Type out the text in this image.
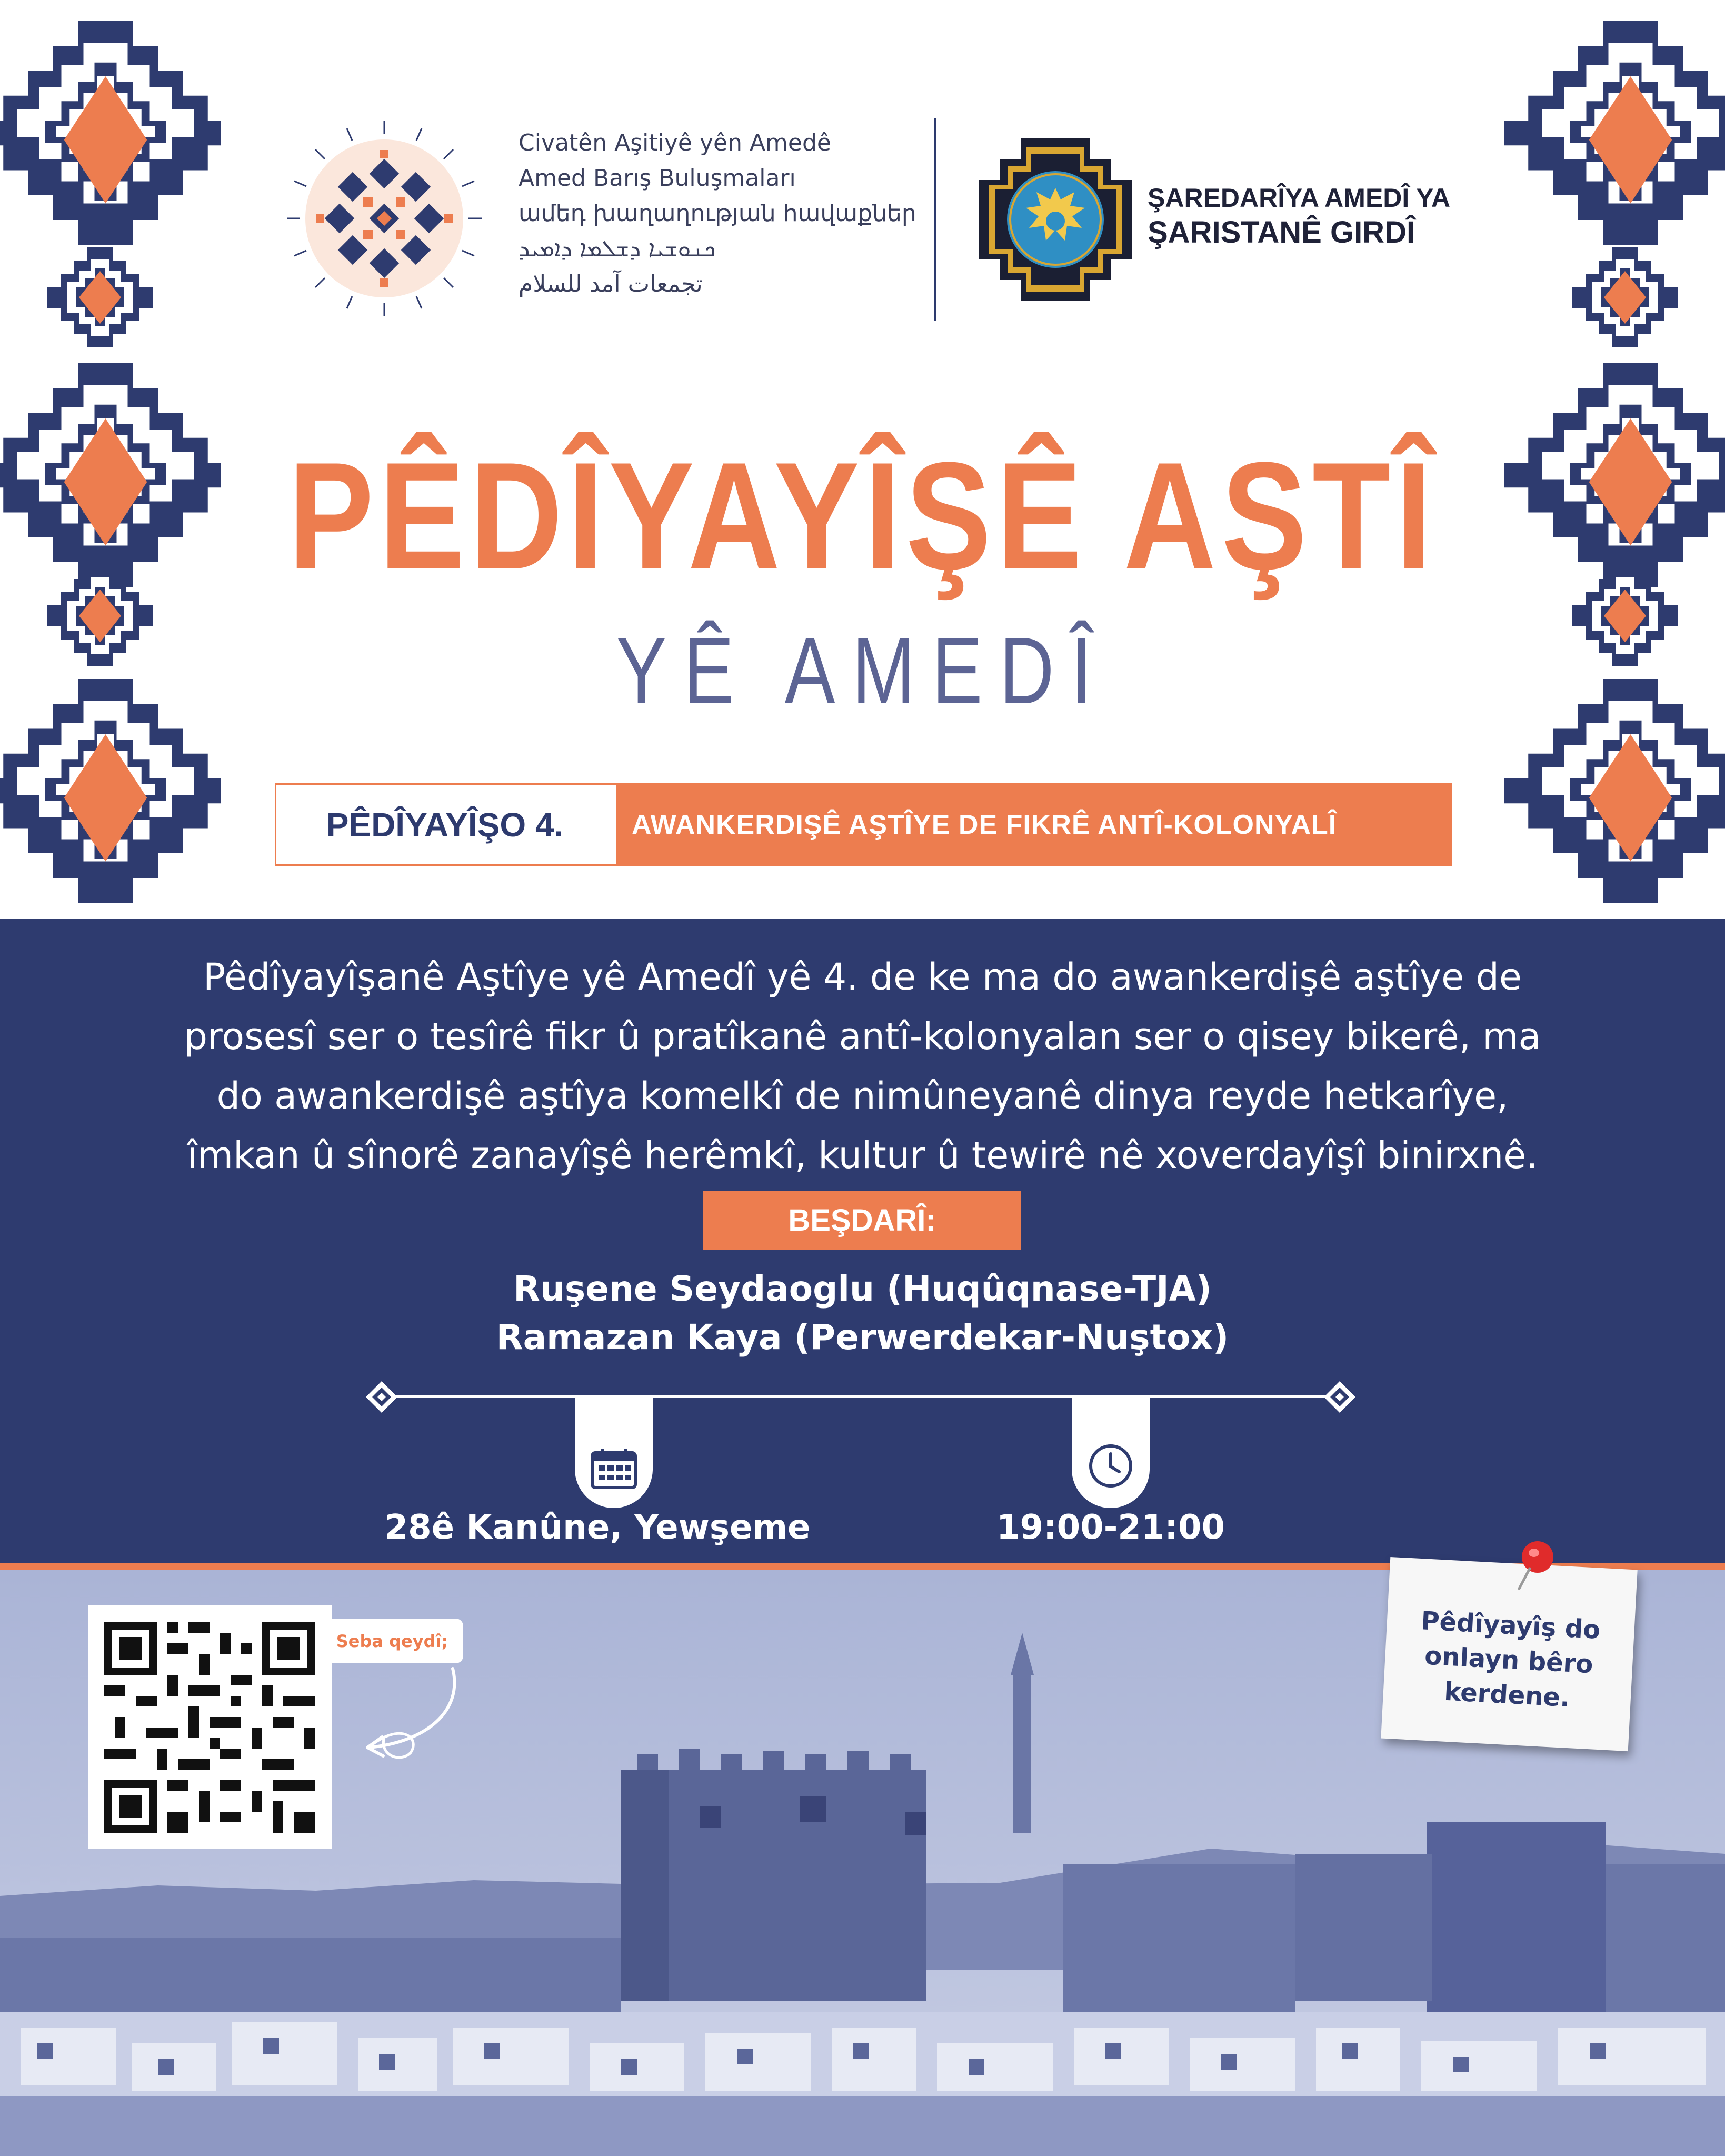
Civatên Aşitiyê yên Amedê
Amed Barış Buluşmaları
ամեդ խաղաղության հավաքներ
ܟܢܘܫܝܐ ܕܫܠܡܐ ܕܐܡܝܕ
تجمعات آمد للسلام
ŞAREDARÎYA AMEDÎ YA
ŞARISTANÊ GIRDÎ
PÊDÎYAYÎŞÊ AŞTÎ
YÊ AMEDÎ
PÊDÎYAYÎŞO 4.	AWANKERDIŞÊ AŞTÎYE DE FIKRÊ ANTÎ-KOLONYALÎ
Pêdîyayîşanê Aştîye yê Amedî yê 4. de ke ma do awankerdişê aştîye de
prosesî ser o tesîrê fikr û pratîkanê antî-kolonyalan ser o qisey bikerê, ma
do awankerdişê aştîya komelkî de nimûneyanê dinya reyde hetkarîye,
îmkan û sînorê zanayîşê herêmkî, kultur û tewirê nê xoverdayîşî binirxnê.
BEŞDARÎ:
Ruşene Seydaoglu (Huqûqnase-TJA)
Ramazan Kaya (Perwerdekar-Nuştox)
28ê Kanûne, Yewşeme	19:00-21:00
Seba qeydî;	Pêdîyayîş do
onlayn bêro
kerdene.
